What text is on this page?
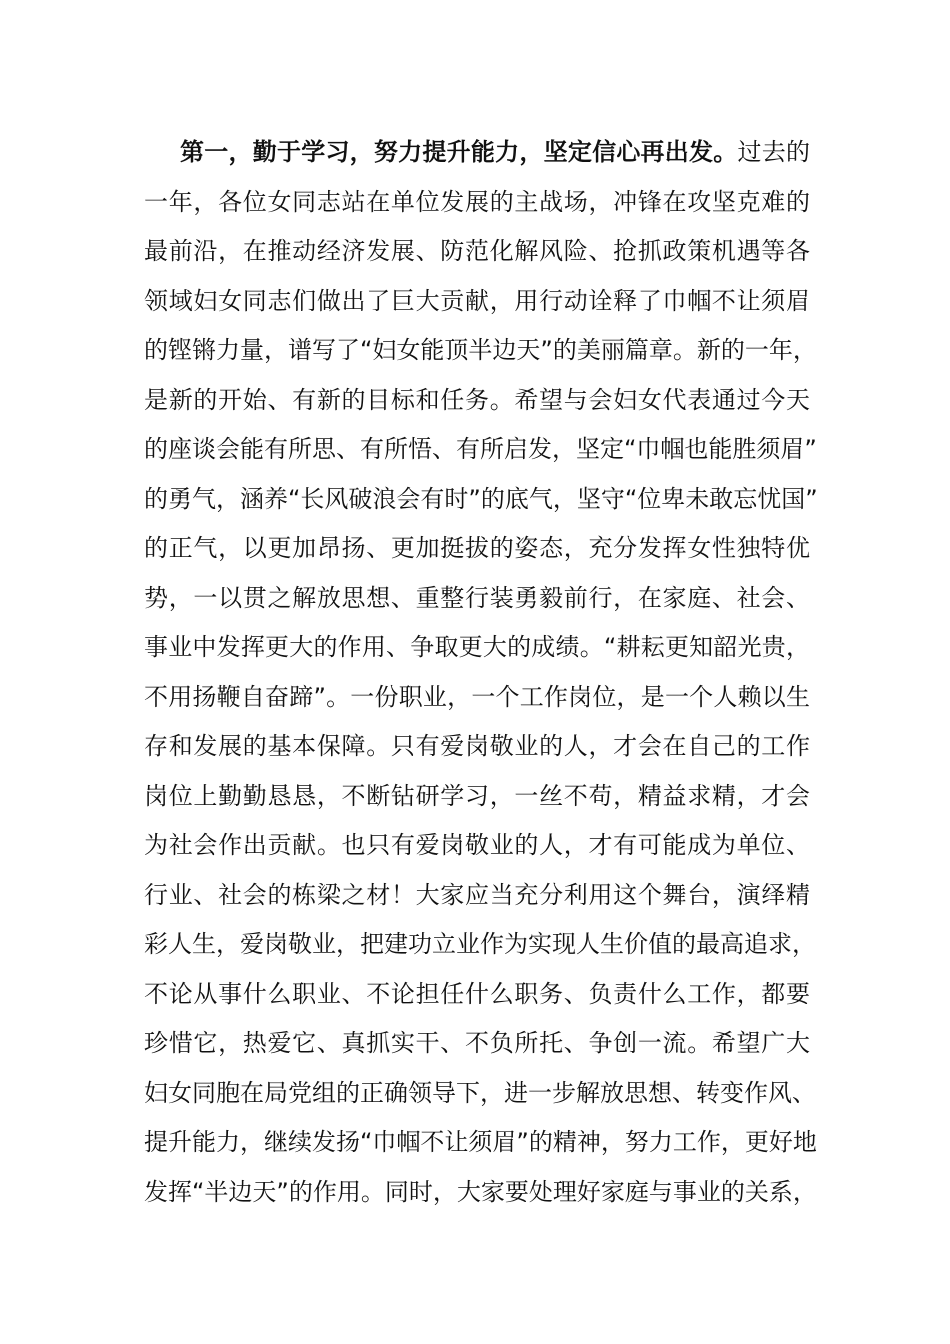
第一，勤于学习，努力提升能力，坚定信心再出发。过去的
一年，各位女同志站在单位发展的主战场，冲锋在攻坚克难的
最前沿，在推动经济发展、防范化解风险、抢抓政策机遇等各
领域妇女同志们做出了巨大贡献，用行动诠释了巾帼不让须眉
的铿锵力量，谱写了“妇女能顶半边天”的美丽篇章。新的一年，
是新的开始、有新的目标和任务。希望与会妇女代表通过今天
的座谈会能有所思、有所悟、有所启发，坚定“巾帼也能胜须眉”
的勇气，涵养“长风破浪会有时”的底气，坚守“位卑未敢忘忧国”
的正气，以更加昂扬、更加挺拔的姿态，充分发挥女性独特优
势，一以贯之解放思想、重整行装勇毅前行，在家庭、社会、
事业中发挥更大的作用、争取更大的成绩。“耕耘更知韶光贵，
不用扬鞭自奋蹄”。一份职业，一个工作岗位，是一个人赖以生
存和发展的基本保障。只有爱岗敬业的人，才会在自己的工作
岗位上勤勤恳恳，不断钻研学习，一丝不苟，精益求精，才会
为社会作出贡献。也只有爱岗敬业的人，才有可能成为单位、
行业、社会的栋梁之材！大家应当充分利用这个舞台，演绎精
彩人生，爱岗敬业，把建功立业作为实现人生价值的最高追求，
不论从事什么职业、不论担任什么职务、负责什么工作，都要
珍惜它，热爱它、真抓实干、不负所托、争创一流。希望广大
妇女同胞在局党组的正确领导下，进一步解放思想、转变作风、
提升能力，继续发扬“巾帼不让须眉”的精神，努力工作，更好地
发挥“半边天”的作用。同时，大家要处理好家庭与事业的关系，
